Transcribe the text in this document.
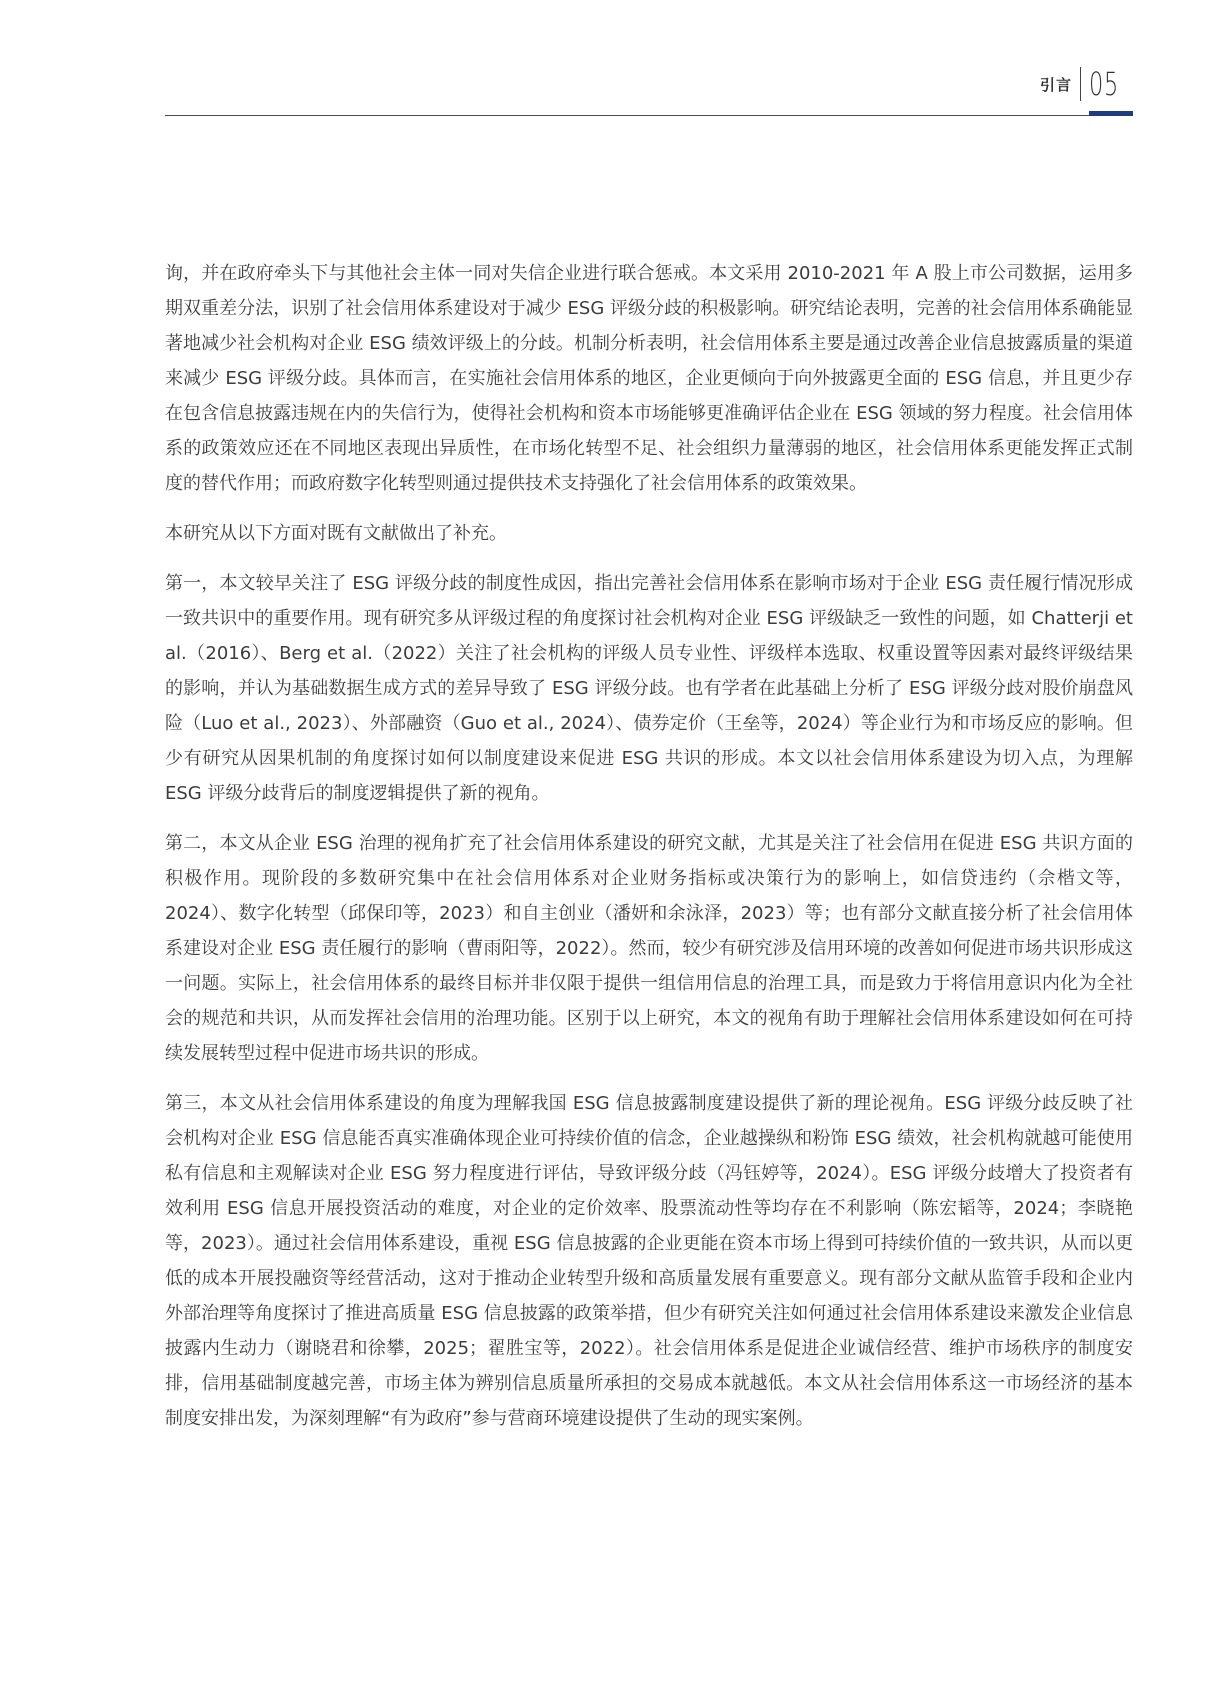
引言 05

询，并在政府牵头下与其他社会主体一同对失信企业进行联合惩戒。本文采用 2010-2021 年 A 股上市公司数据，运用多期双重差分法，识别了社会信用体系建设对于减少 ESG 评级分歧的积极影响。研究结论表明，完善的社会信用体系确能显著地减少社会机构对企业 ESG 绩效评级上的分歧。机制分析表明，社会信用体系主要是通过改善企业信息披露质量的渠道来减少 ESG 评级分歧。具体而言，在实施社会信用体系的地区，企业更倾向于向外披露更全面的 ESG 信息，并且更少存在包含信息披露违规在内的失信行为，使得社会机构和资本市场能够更准确评估企业在 ESG 领域的努力程度。社会信用体系的政策效应还在不同地区表现出异质性，在市场化转型不足、社会组织力量薄弱的地区，社会信用体系更能发挥正式制度的替代作用；而政府数字化转型则通过提供技术支持强化了社会信用体系的政策效果。

本研究从以下方面对既有文献做出了补充。

第一，本文较早关注了 ESG 评级分歧的制度性成因，指出完善社会信用体系在影响市场对于企业 ESG 责任履行情况形成一致共识中的重要作用。现有研究多从评级过程的角度探讨社会机构对企业 ESG 评级缺乏一致性的问题，如 Chatterji et al.（2016）、Berg et al.（2022）关注了社会机构的评级人员专业性、评级样本选取、权重设置等因素对最终评级结果的影响，并认为基础数据生成方式的差异导致了 ESG 评级分歧。也有学者在此基础上分析了 ESG 评级分歧对股价崩盘风险（Luo et al., 2023）、外部融资（Guo et al., 2024）、债券定价（王垒等，2024）等企业行为和市场反应的影响。但少有研究从因果机制的角度探讨如何以制度建设来促进 ESG 共识的形成。本文以社会信用体系建设为切入点，为理解 ESG 评级分歧背后的制度逻辑提供了新的视角。

第二，本文从企业 ESG 治理的视角扩充了社会信用体系建设的研究文献，尤其是关注了社会信用在促进 ESG 共识方面的积极作用。现阶段的多数研究集中在社会信用体系对企业财务指标或决策行为的影响上，如信贷违约（佘楷文等，2024）、数字化转型（邱保印等，2023）和自主创业（潘妍和余泳泽，2023）等；也有部分文献直接分析了社会信用体系建设对企业 ESG 责任履行的影响（曹雨阳等，2022）。然而，较少有研究涉及信用环境的改善如何促进市场共识形成这一问题。实际上，社会信用体系的最终目标并非仅限于提供一组信用信息的治理工具，而是致力于将信用意识内化为全社会的规范和共识，从而发挥社会信用的治理功能。区别于以上研究，本文的视角有助于理解社会信用体系建设如何在可持续发展转型过程中促进市场共识的形成。

第三，本文从社会信用体系建设的角度为理解我国 ESG 信息披露制度建设提供了新的理论视角。ESG 评级分歧反映了社会机构对企业 ESG 信息能否真实准确体现企业可持续价值的信念，企业越操纵和粉饰 ESG 绩效，社会机构就越可能使用私有信息和主观解读对企业 ESG 努力程度进行评估，导致评级分歧（冯钰婷等，2024）。ESG 评级分歧增大了投资者有效利用 ESG 信息开展投资活动的难度，对企业的定价效率、股票流动性等均存在不利影响（陈宏韬等，2024；李晓艳等，2023）。通过社会信用体系建设，重视 ESG 信息披露的企业更能在资本市场上得到可持续价值的一致共识，从而以更低的成本开展投融资等经营活动，这对于推动企业转型升级和高质量发展有重要意义。现有部分文献从监管手段和企业内外部治理等角度探讨了推进高质量 ESG 信息披露的政策举措，但少有研究关注如何通过社会信用体系建设来激发企业信息披露内生动力（谢晓君和徐攀，2025；翟胜宝等，2022）。社会信用体系是促进企业诚信经营、维护市场秩序的制度安排，信用基础制度越完善，市场主体为辨别信息质量所承担的交易成本就越低。本文从社会信用体系这一市场经济的基本制度安排出发，为深刻理解“有为政府”参与营商环境建设提供了生动的现实案例。
